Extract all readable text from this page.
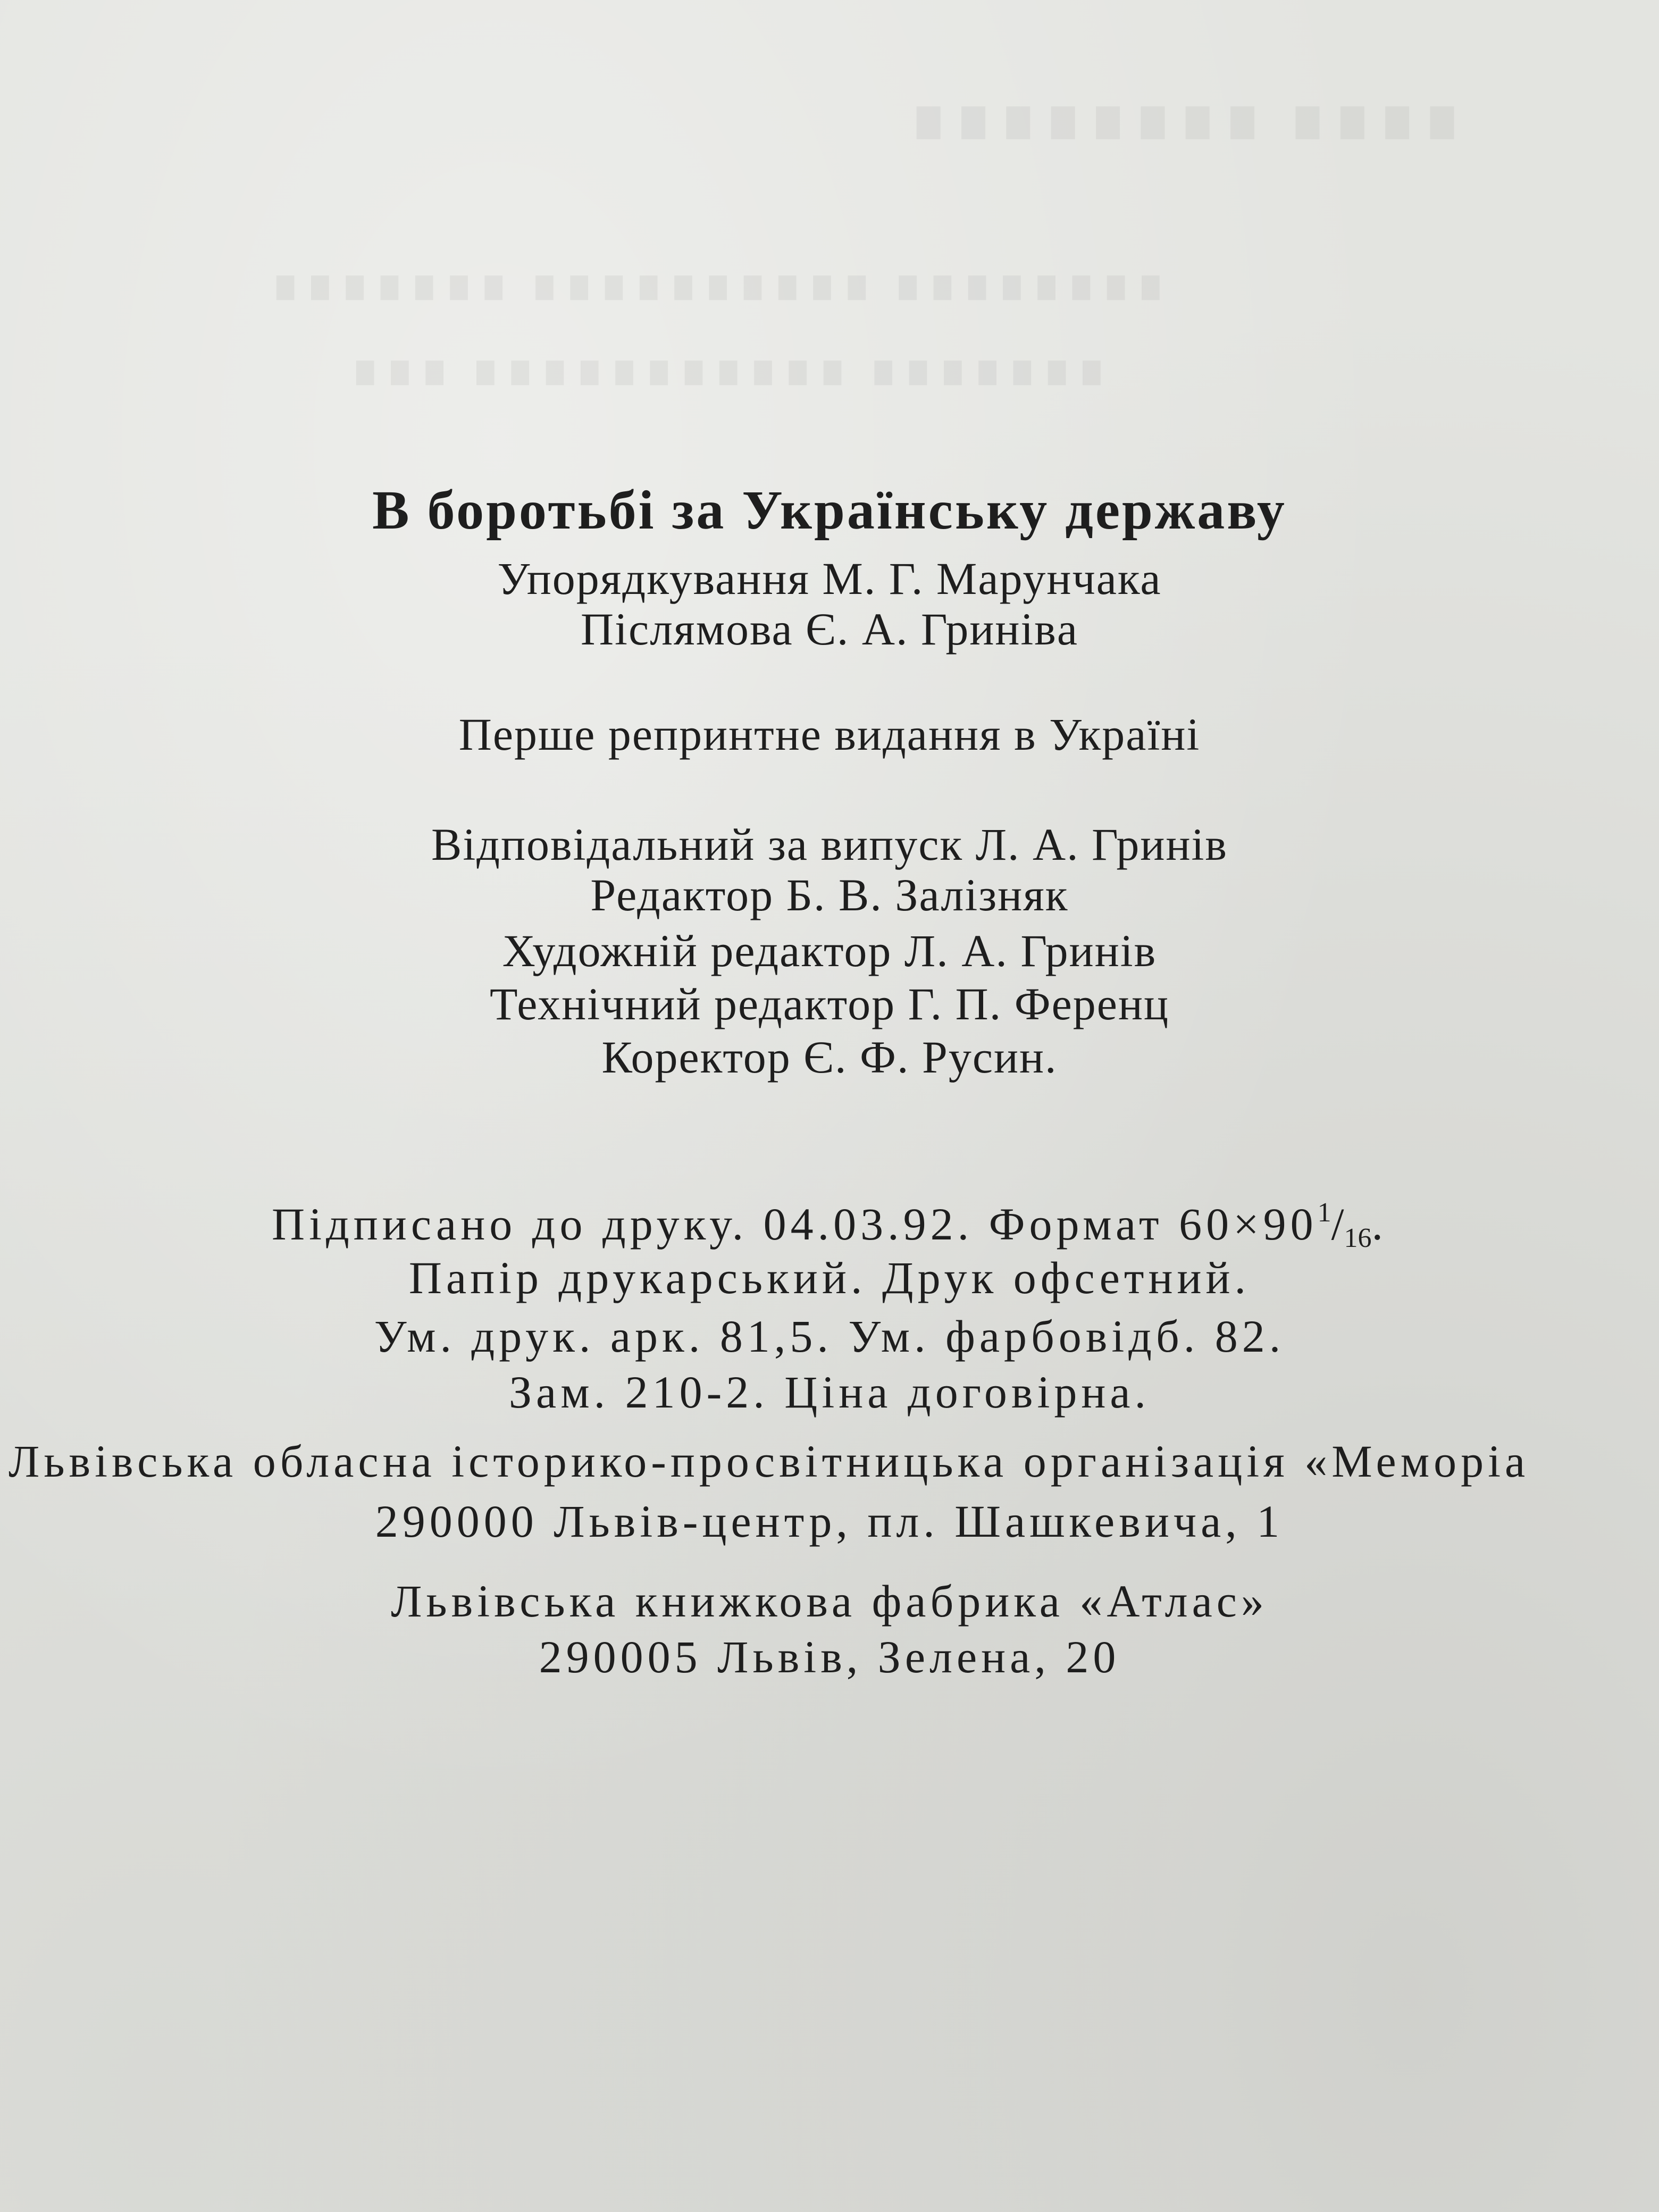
∎∎∎∎ ∎∎∎∎∎∎∎∎
∎∎∎∎∎∎∎∎ ∎∎∎∎∎∎∎∎∎∎ ∎∎∎∎∎∎∎
∎∎∎∎∎∎∎ ∎∎∎∎∎∎∎∎∎∎∎ ∎∎∎
В боротьбі за Українську державу
Упорядкування М. Г. Марунчака
Післямова Є. А. Гринівa
Перше репринтне видання в Україні
Відповідальний за випуск Л. А. Гринів
Редактор Б. В. Залізняк
Художній редактор Л. А. Гринів
Технічний редактор Г. П. Ференц
Коректор Є. Ф. Русин.
Підписано до друку. 04.03.92. Формат $60\times 90^1/_{16}$.
Папір друкарський. Друк офсетний.
Ум. друк. арк. 81,5. Ум. фарбовідб. 82.
Зам. 210-2. Ціна договірна.
Львівська обласна історико-просвітницька організація «Меморіа
290000 Львів-центр, пл. Шашкевича, 1
Львівська книжкова фабрика «Атлас»
290005 Львів, Зелена, 20
